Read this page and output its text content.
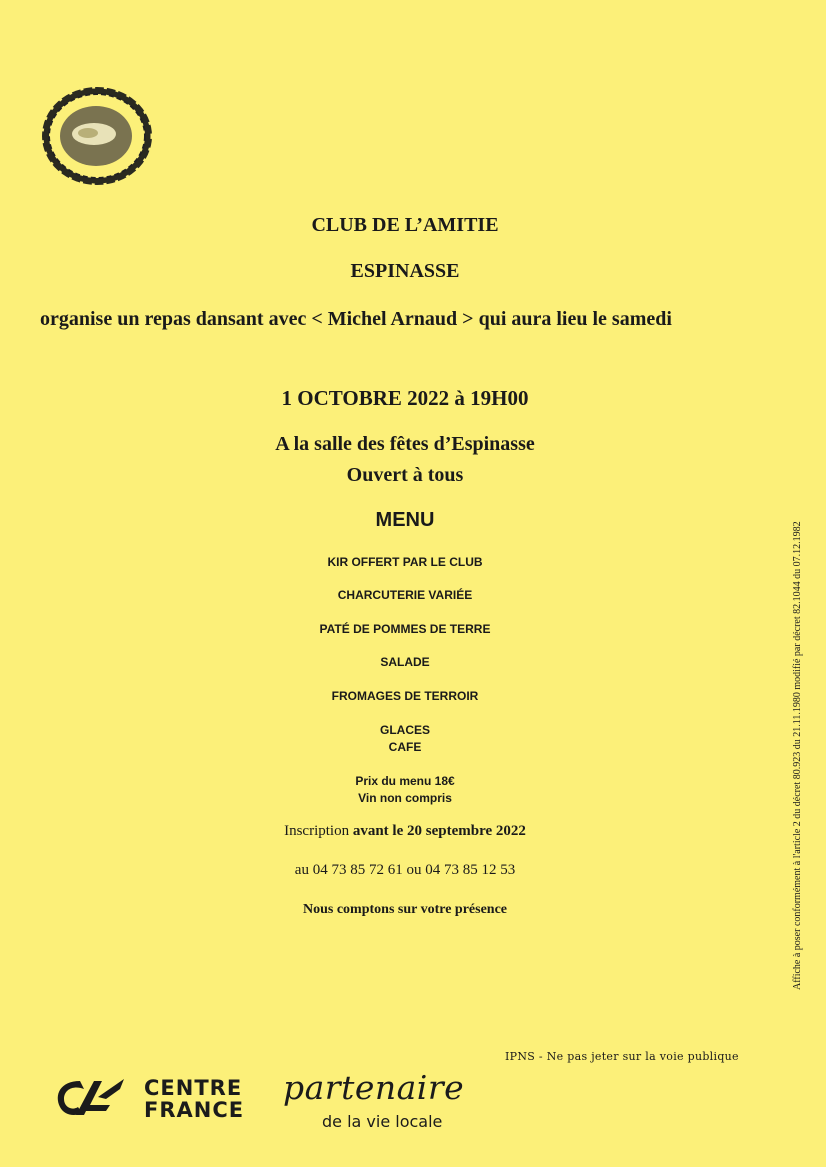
CLUB DE L’AMITIE
ESPINASSE
organise un repas dansant avec < Michel Arnaud > qui aura lieu le samedi
1 OCTOBRE 2022 à 19H00
A la salle des fêtes d’Espinasse
Ouvert à tous
MENU
KIR OFFERT PAR LE CLUB
CHARCUTERIE VARIÉE
PATÉ DE POMMES DE TERRE
SALADE
FROMAGES DE TERROIR
GLACES
CAFE
Prix du menu 18€
Vin non compris
Inscription avant le 20 septembre 2022
au 04 73 85 72 61 ou 04 73 85 12 53
Nous comptons sur votre présence	Affiche à poser conformément à l'article 2 du décret 80.923 du 21.11.1980 modifié par décret 82.1044 du 07.12.1982
IPNS - Ne pas jeter sur la voie publique
CENTRE
FRANCE
partenaire
de la vie locale
